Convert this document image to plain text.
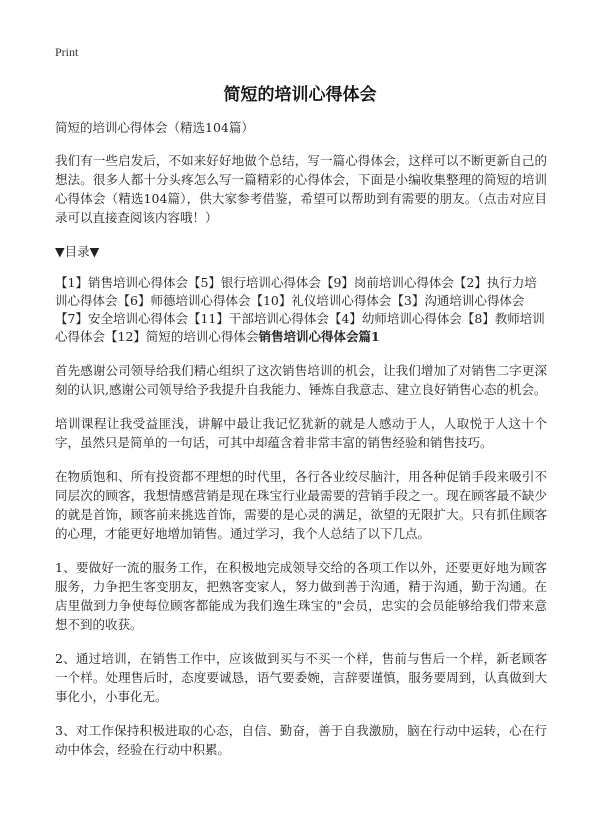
Print

简短的培训心得体会

简短的培训心得体会（精选104篇）

我们有一些启发后，不如来好好地做个总结，写一篇心得体会，这样可以不断更新自己的想法。很多人都十分头疼怎么写一篇精彩的心得体会，下面是小编收集整理的简短的培训心得体会（精选104篇），供大家参考借鉴，希望可以帮助到有需要的朋友。（点击对应目录可以直接查阅该内容哦！）

▼目录▼

【1】销售培训心得体会【5】银行培训心得体会【9】岗前培训心得体会【2】执行力培训心得体会【6】师德培训心得体会【10】礼仪培训心得体会【3】沟通培训心得体会【7】安全培训心得体会【11】干部培训心得体会【4】幼师培训心得体会【8】教师培训心得体会【12】简短的培训心得体会销售培训心得体会篇1

首先感谢公司领导给我们精心组织了这次销售培训的机会，让我们增加了对销售二字更深刻的认识,感谢公司领导给予我提升自我能力、锤炼自我意志、建立良好销售心态的机会。

培训课程让我受益匪浅，讲解中最让我记忆犹新的就是人感动于人，人取悦于人这十个字，虽然只是简单的一句话，可其中却蕴含着非常丰富的销售经验和销售技巧。

在物质饱和、所有投资都不理想的时代里，各行各业绞尽脑汁，用各种促销手段来吸引不同层次的顾客，我想情感营销是现在珠宝行业最需要的营销手段之一。现在顾客最不缺少的就是首饰，顾客前来挑选首饰，需要的是心灵的满足，欲望的无限扩大。只有抓住顾客的心理，才能更好地增加销售。通过学习，我个人总结了以下几点。

1、要做好一流的服务工作，在积极地完成领导交给的各项工作以外，还要更好地为顾客服务，力争把生客变朋友，把熟客变家人，努力做到善于沟通，精于沟通，勤于沟通。在店里做到力争使每位顾客都能成为我们逸生珠宝的"会员，忠实的会员能够给我们带来意想不到的收获。

2、通过培训，在销售工作中，应该做到买与不买一个样，售前与售后一个样，新老顾客一个样。处理售后时，态度要诚恳，语气要委婉，言辞要谨慎，服务要周到，认真做到大事化小，小事化无。

3、对工作保持积极进取的心态，自信、勤奋，善于自我激励，脑在行动中运转，心在行动中体会，经验在行动中积累。
